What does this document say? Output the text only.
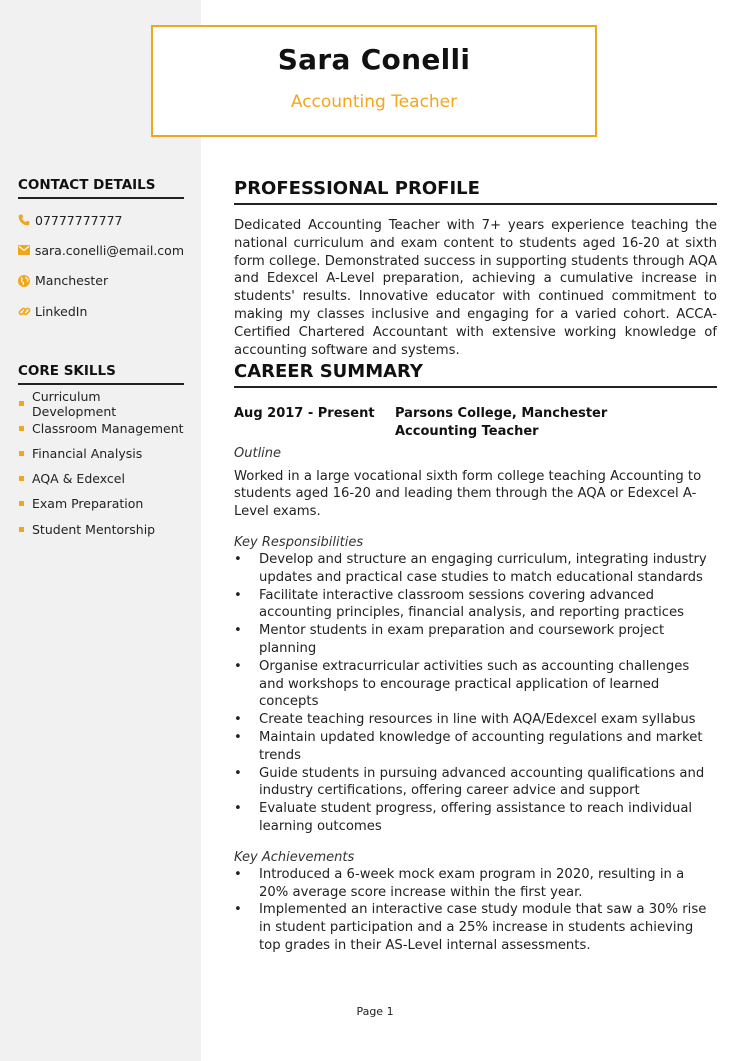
Sara Conelli
Accounting Teacher
CONTACT DETAILS
07777777777
sara.conelli@email.com
Manchester
LinkedIn
CORE SKILLS
Curriculum Development
Classroom Management
Financial Analysis
AQA & Edexcel
Exam Preparation
Student Mentorship
PROFESSIONAL PROFILE

Dedicated Accounting Teacher with 7+ years experience teaching the national curriculum and exam content to students aged 16-20 at sixth form college. Demonstrated success in supporting students through AQA and Edexcel A-Level preparation, achieving a cumulative increase in students' results. Innovative educator with continued commitment to making my classes inclusive and engaging for a varied cohort. ACCA-Certified Chartered Accountant with extensive working knowledge of accounting software and systems.

CAREER SUMMARY
Aug 2017 - Present	Parsons College, Manchester
Accounting Teacher
Outline

Worked in a large vocational sixth form college teaching Accounting to students aged 16-20 and leading them through the AQA or Edexcel A-Level exams.

Key Responsibilities
• Develop and structure an engaging curriculum, integrating industry updates and practical case studies to match educational standards
• Facilitate interactive classroom sessions covering advanced accounting principles, financial analysis, and reporting practices
• Mentor students in exam preparation and coursework project planning
• Organise extracurricular activities such as accounting challenges and workshops to encourage practical application of learned concepts
• Create teaching resources in line with AQA/Edexcel exam syllabus
• Maintain updated knowledge of accounting regulations and market trends
• Guide students in pursuing advanced accounting qualifications and industry certifications, offering career advice and support
• Evaluate student progress, offering assistance to reach individual learning outcomes
Key Achievements
• Introduced a 6-week mock exam program in 2020, resulting in a 20% average score increase within the first year.
• Implemented an interactive case study module that saw a 30% rise in student participation and a 25% increase in students achieving top grades in their AS-Level internal assessments.
Page 1
